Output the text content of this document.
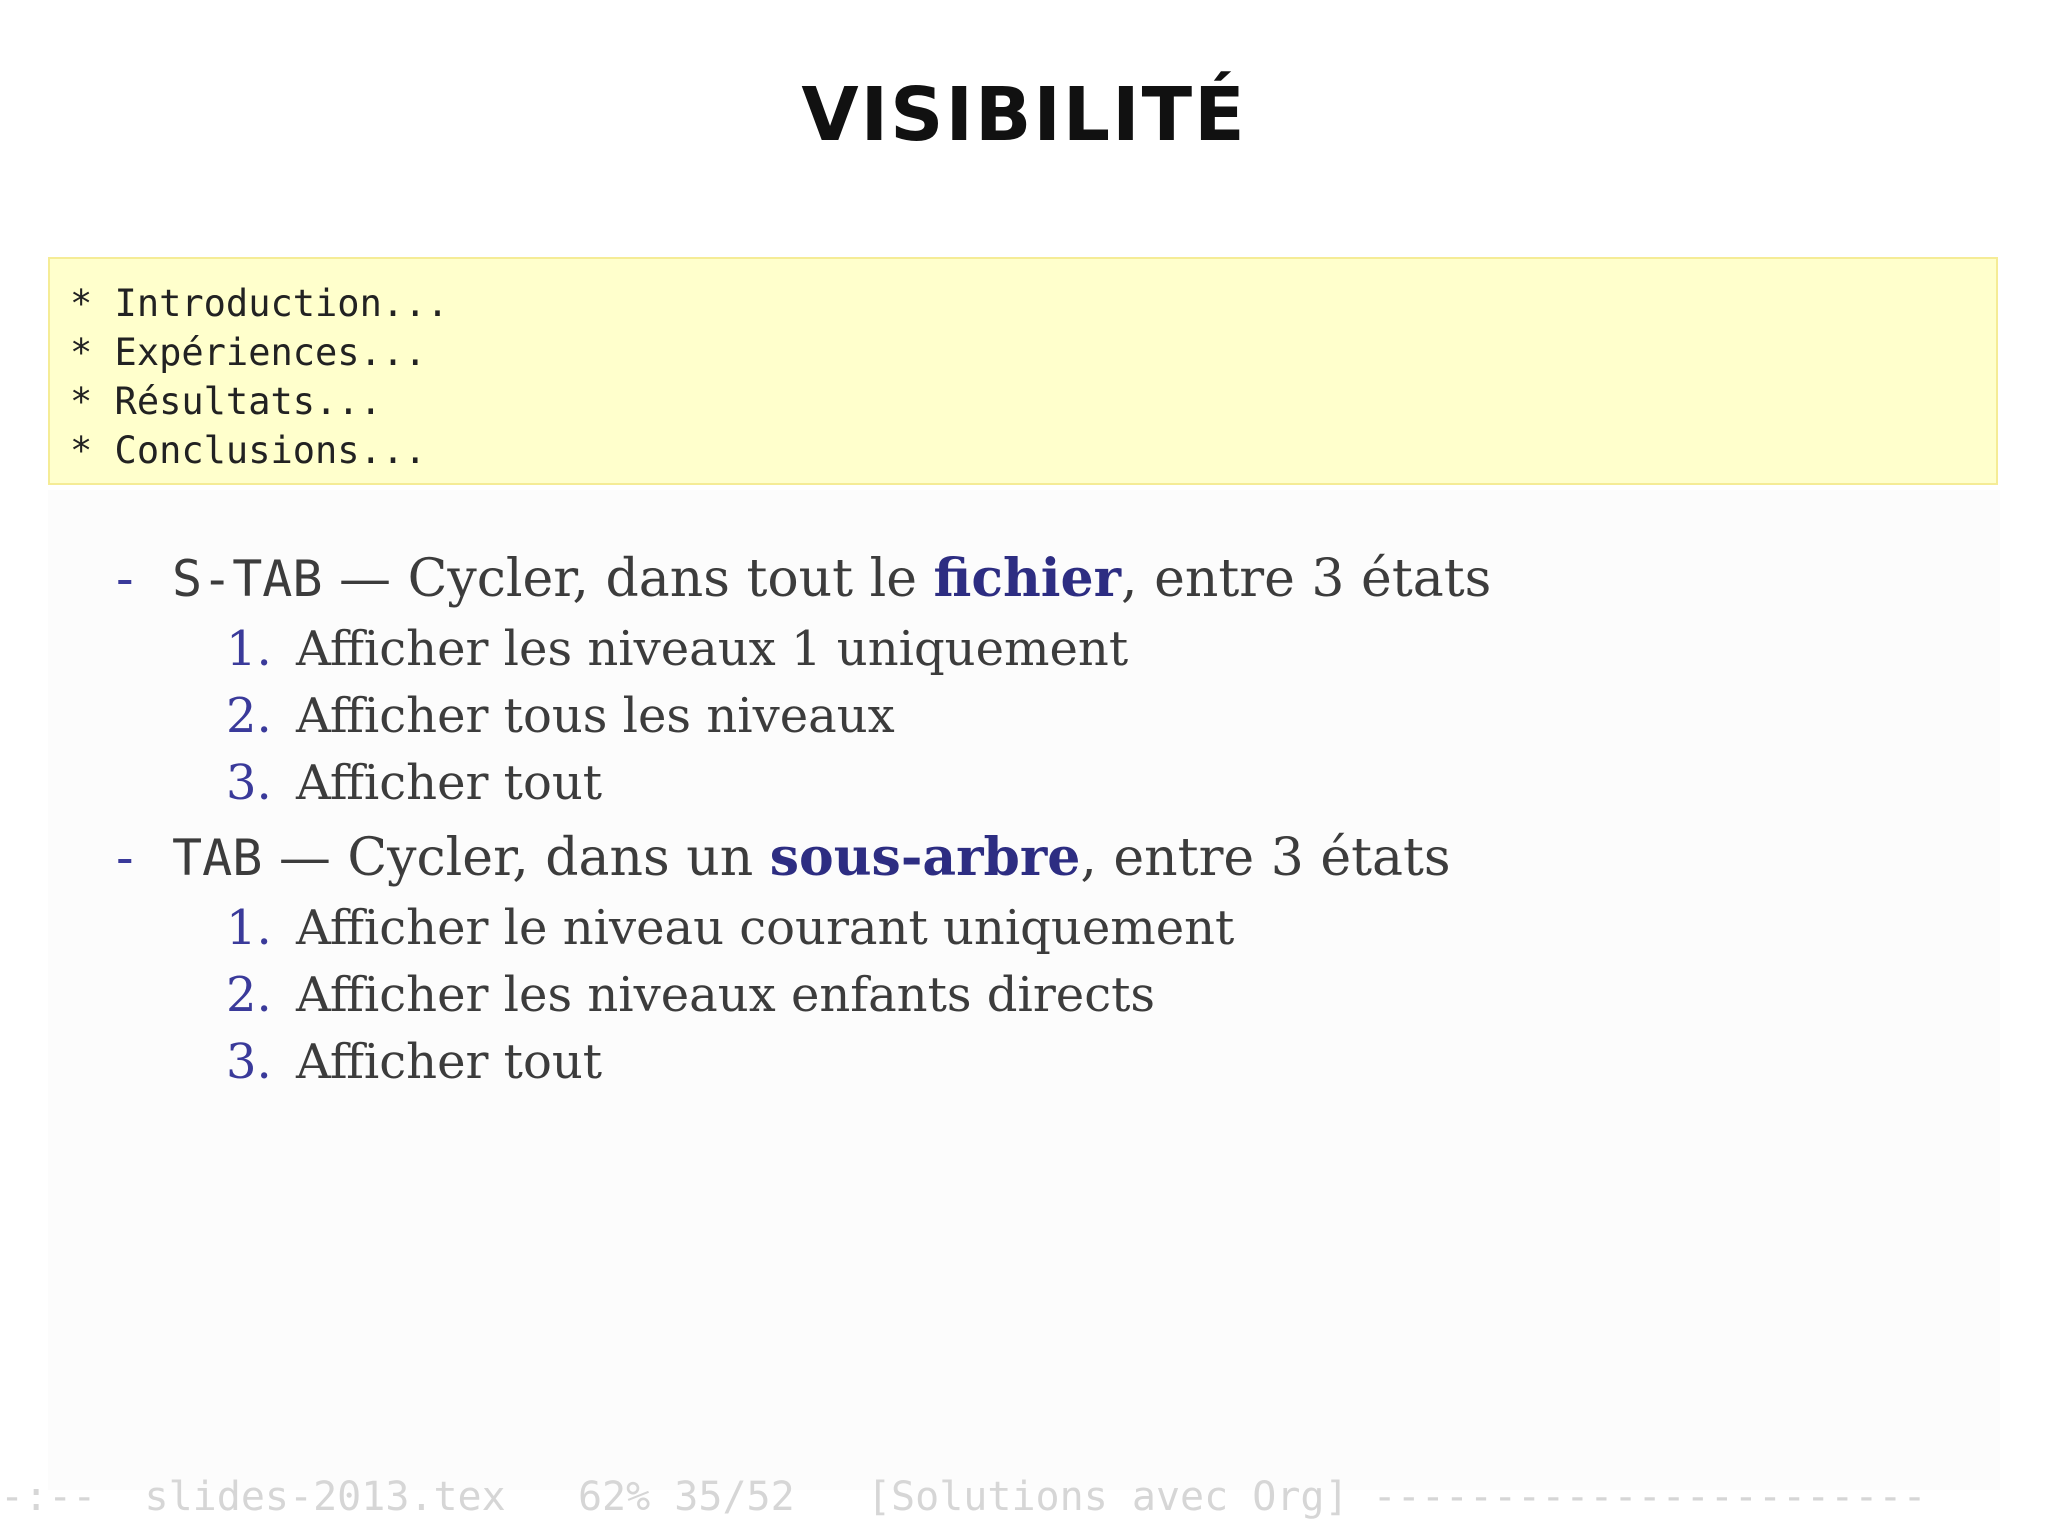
VISIBILITÉ
* Introduction...
* Expériences...
* Résultats...
* Conclusions...
- S-TAB — Cycler, dans tout le fichier, entre 3 états
1. Afficher les niveaux 1 uniquement
2. Afficher tous les niveaux
3. Afficher tout
- TAB — Cycler, dans un sous-arbre, entre 3 états
1. Afficher le niveau courant uniquement
2. Afficher les niveaux enfants directs
3. Afficher tout
-:--  slides-2013.tex   62% 35/52   [Solutions avec Org] -----------------------
